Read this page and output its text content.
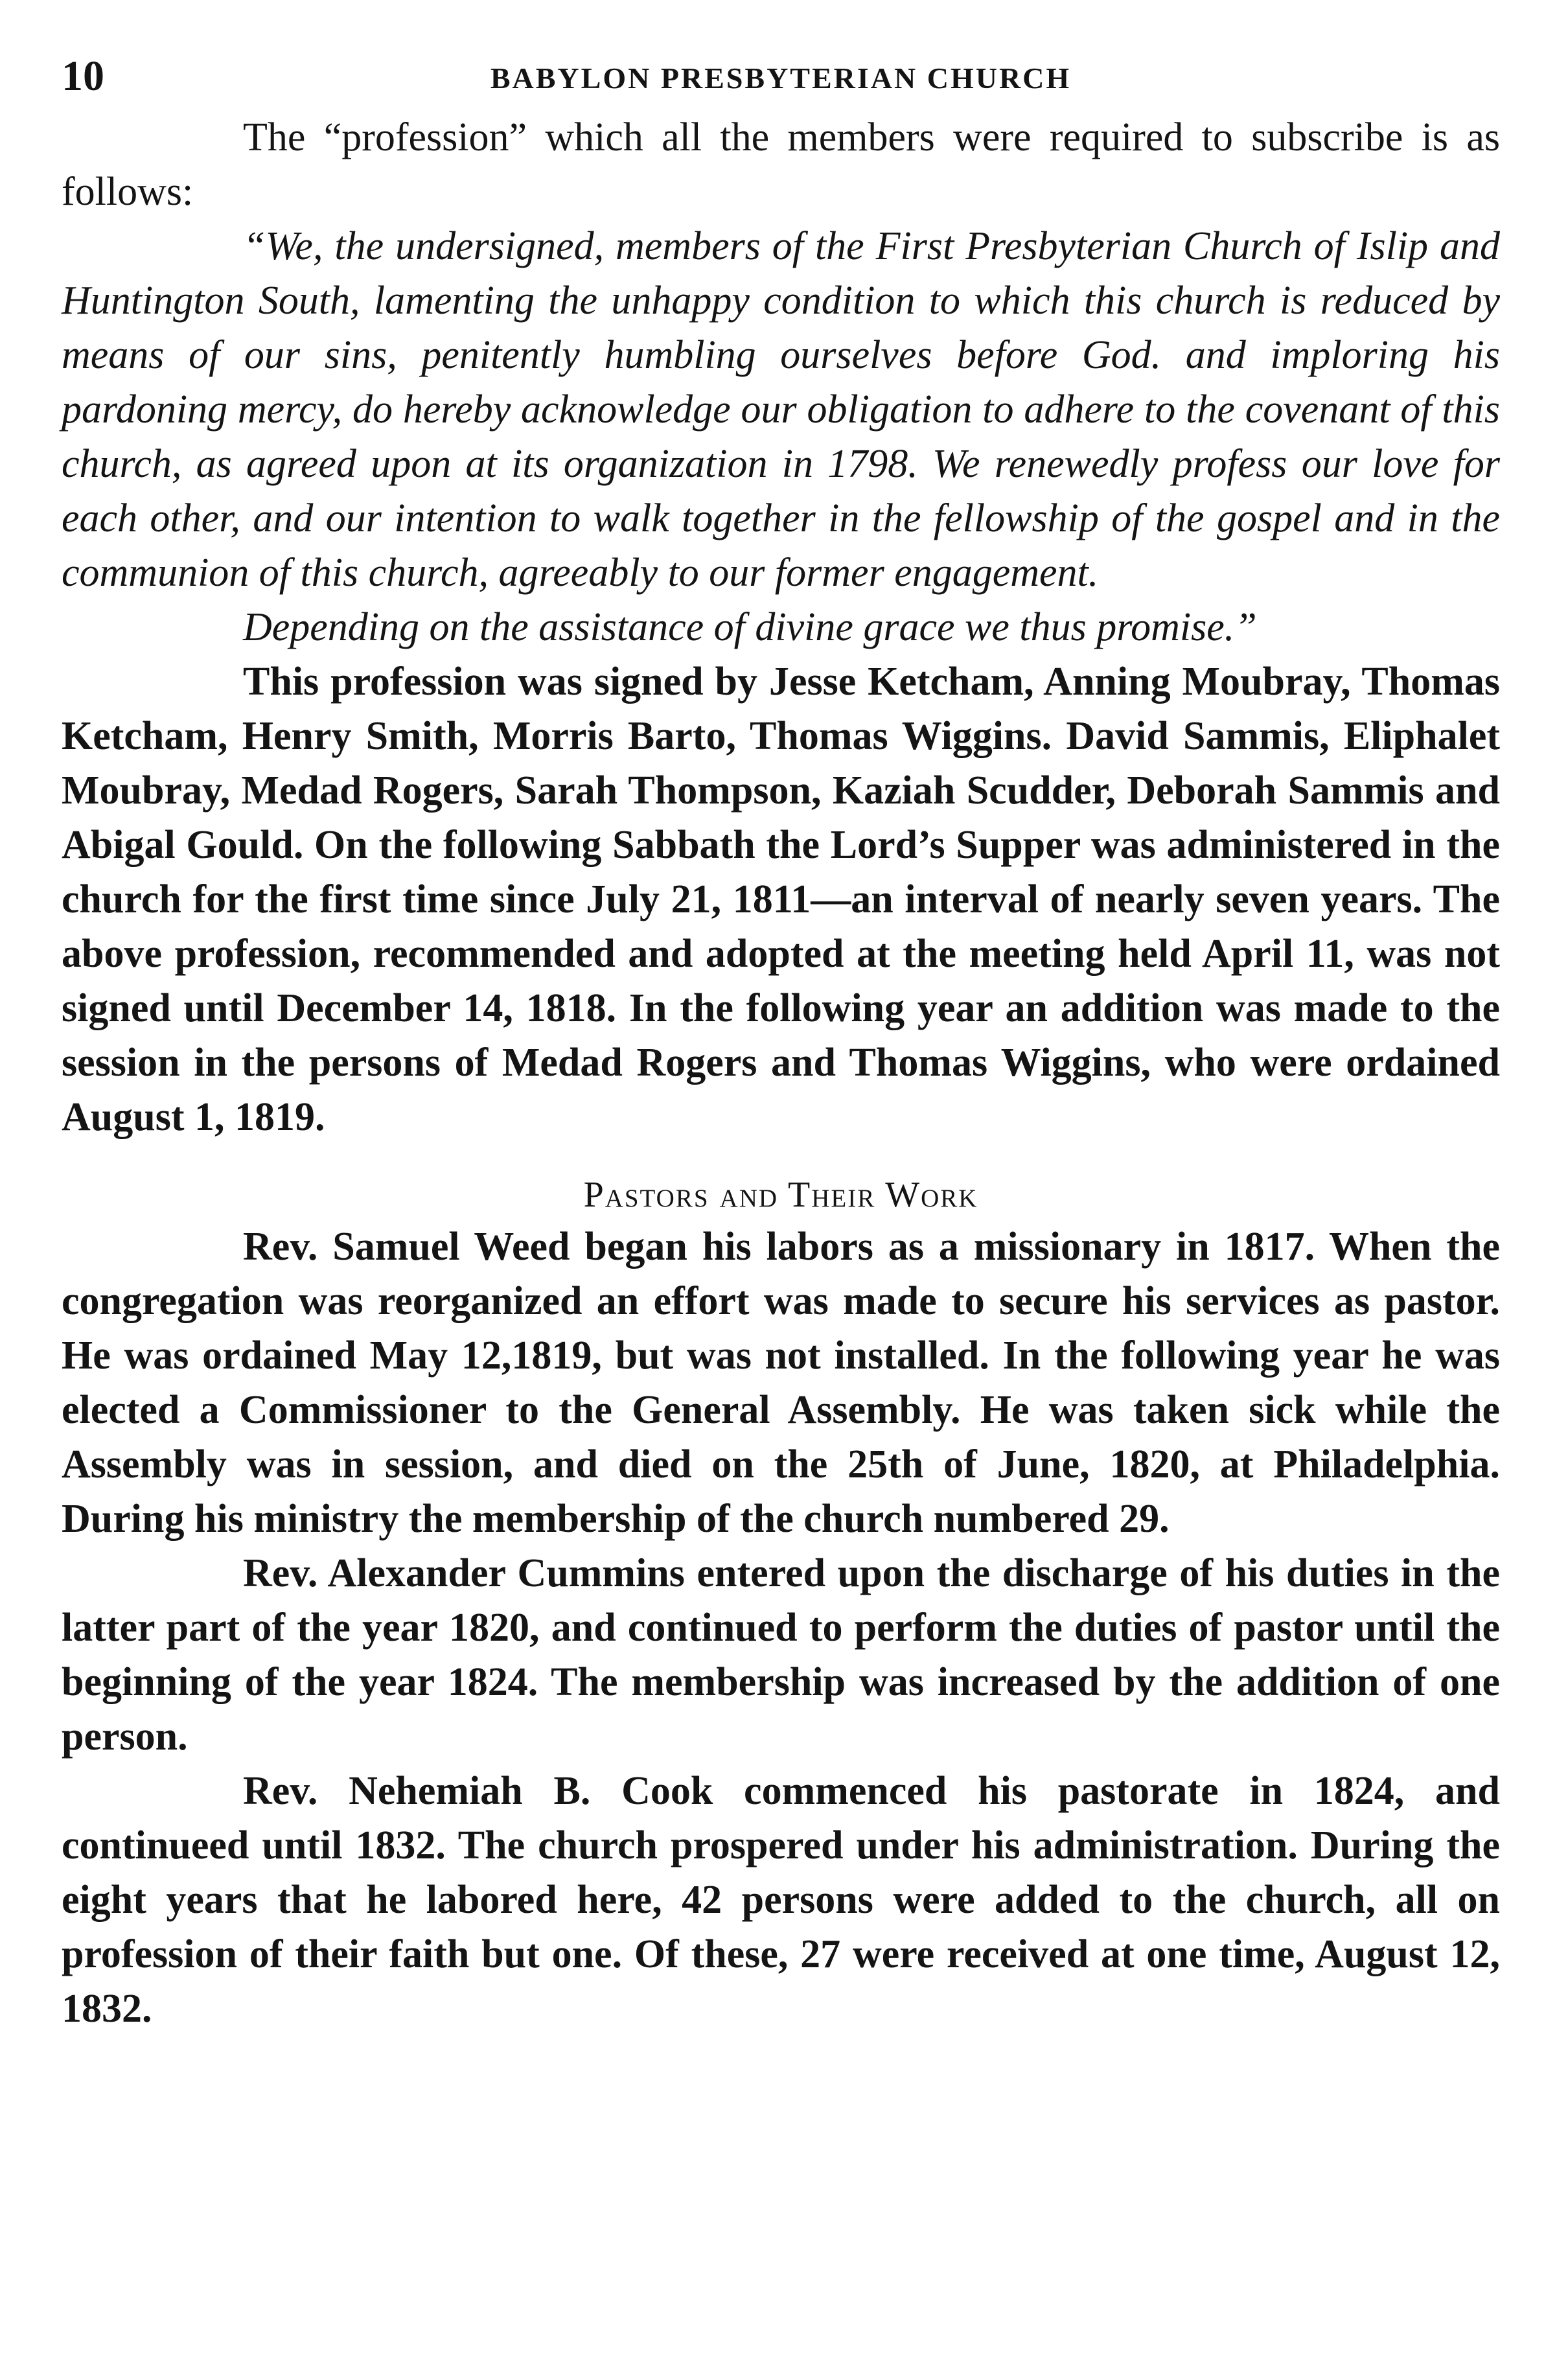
10	BABYLON PRESBYTERIAN CHURCH

The “profession” which all the members were required to subscribe is as follows:

“We, the undersigned, members of the First Presbyterian Church of Islip and Huntington South, lamenting the unhappy condition to which this church is reduced by means of our sins, penitently humbling ourselves before God. and imploring his pardoning mercy, do hereby acknowledge our obligation to adhere to the covenant of this church, as agreed upon at its organization in 1798. We renewedly profess our love for each other, and our intention to walk together in the fellowship of the gospel and in the communion of this church, agreeably to our former engagement.

Depending on the assistance of divine grace we thus promise.”

This profession was signed by Jesse Ketcham, Anning Moubray, Thomas Ketcham, Henry Smith, Morris Barto, Thomas Wiggins. David Sammis, Eliphalet Moubray, Medad Rogers, Sarah Thompson, Kaziah Scudder, Deborah Sammis and Abigal Gould. On the following Sabbath the Lord’s Supper was administered in the church for the first time since July 21, 1811—an interval of nearly seven years. The above profession, recommended and adopted at the meeting held April 11, was not signed until December 14, 1818. In the following year an addition was made to the session in the persons of Medad Rogers and Thomas Wiggins, who were ordained August 1, 1819.

Pastors and Their Work

Rev. Samuel Weed began his labors as a missionary in 1817. When the congregation was reorganized an effort was made to secure his services as pastor. He was ordained May 12,1819, but was not installed. In the following year he was elected a Commissioner to the General Assembly. He was taken sick while the Assembly was in session, and died on the 25th of June, 1820, at Philadelphia. During his ministry the membership of the church numbered 29.

Rev. Alexander Cummins entered upon the discharge of his duties in the latter part of the year 1820, and continued to perform the duties of pastor until the beginning of the year 1824. The membership was increased by the addition of one person.

Rev. Nehemiah B. Cook commenced his pastorate in 1824, and continueed until 1832. The church prospered under his administration. During the eight years that he labored here, 42 persons were added to the church, all on profession of their faith but one. Of these, 27 were received at one time, August 12, 1832.
